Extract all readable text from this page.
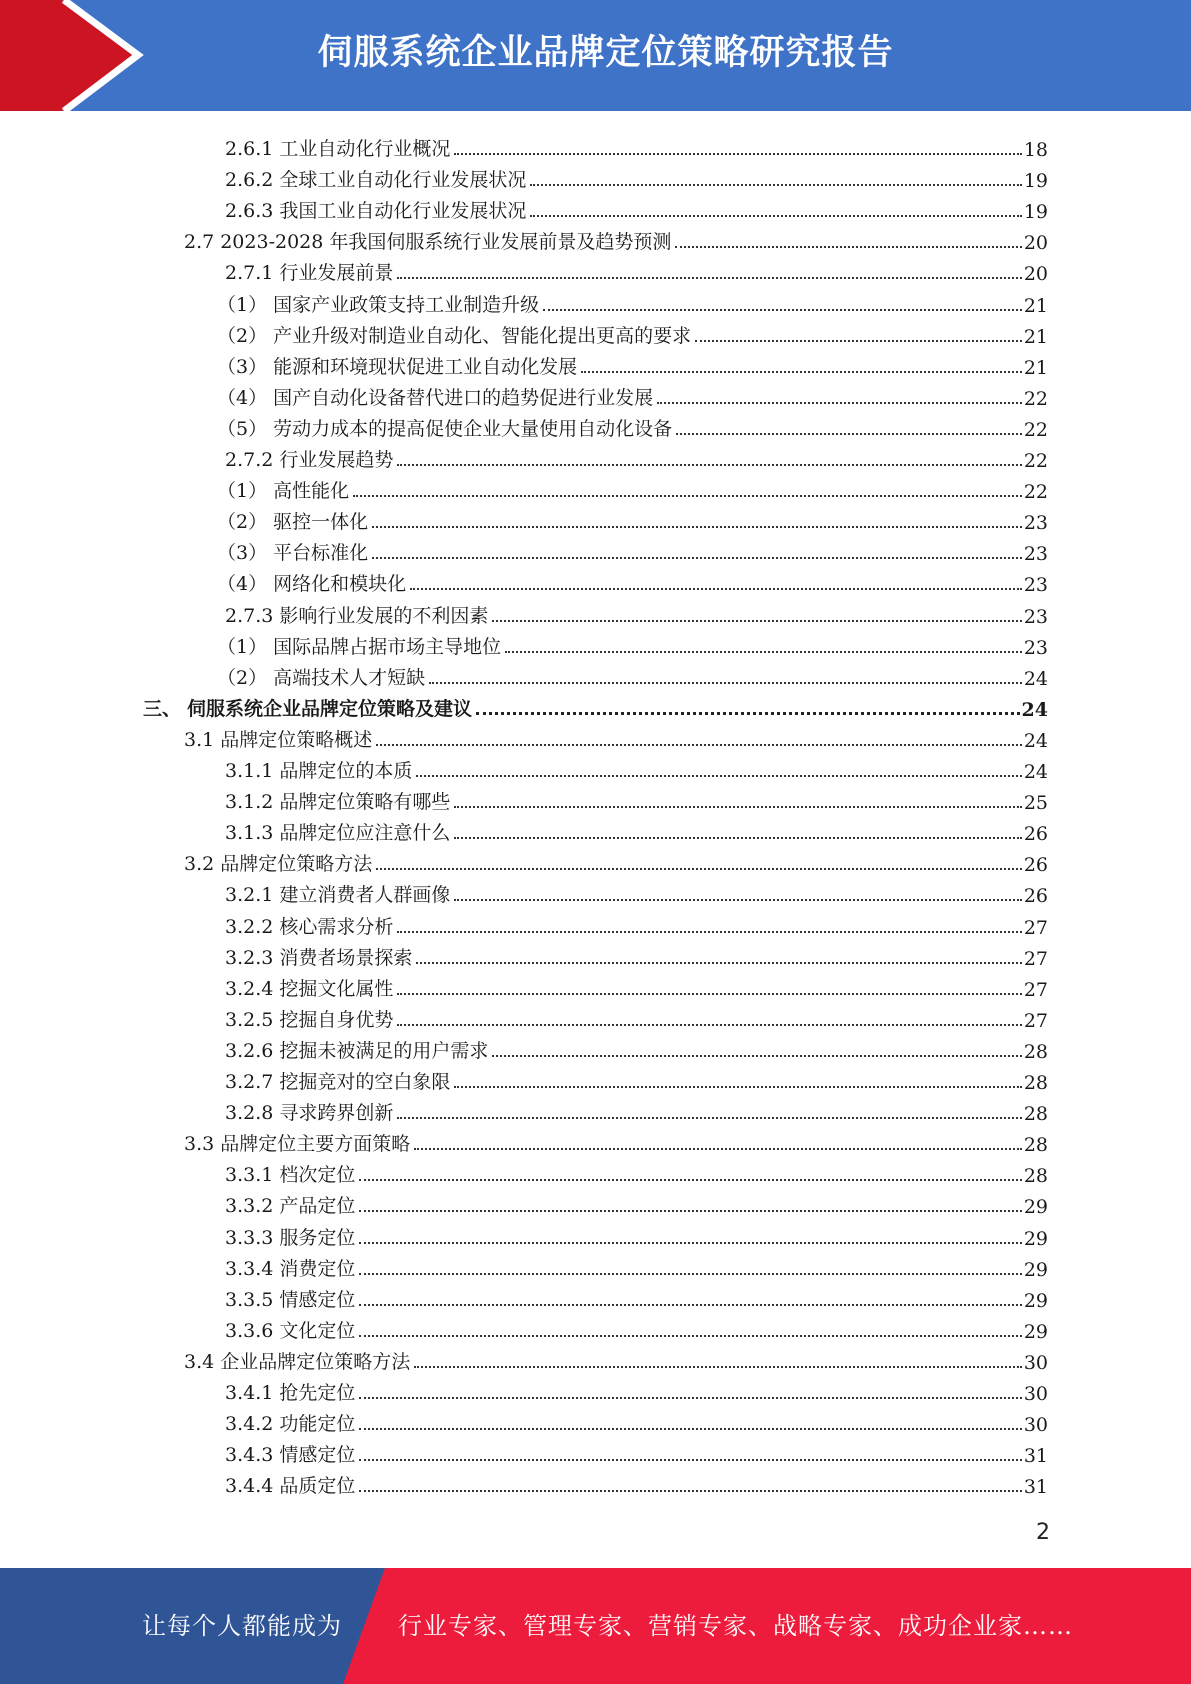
伺服系统企业品牌定位策略研究报告
2.6.1 工业自动化行业概况	18
2.6.2 全球工业自动化行业发展状况	19
2.6.3 我国工业自动化行业发展状况	19
2.7 2023-2028 年我国伺服系统行业发展前景及趋势预测	20
2.7.1 行业发展前景	20
（1） 国家产业政策支持工业制造升级	21
（2） 产业升级对制造业自动化、智能化提出更高的要求	21
（3） 能源和环境现状促进工业自动化发展	21
（4） 国产自动化设备替代进口的趋势促进行业发展	22
（5） 劳动力成本的提高促使企业大量使用自动化设备	22
2.7.2 行业发展趋势	22
（1） 高性能化	22
（2） 驱控一体化	23
（3） 平台标准化	23
（4） 网络化和模块化	23
2.7.3 影响行业发展的不利因素	23
（1） 国际品牌占据市场主导地位	23
（2） 高端技术人才短缺	24
三、 伺服系统企业品牌定位策略及建议	24
3.1 品牌定位策略概述	24
3.1.1 品牌定位的本质	24
3.1.2 品牌定位策略有哪些	25
3.1.3 品牌定位应注意什么	26
3.2 品牌定位策略方法	26
3.2.1 建立消费者人群画像	26
3.2.2 核心需求分析	27
3.2.3 消费者场景探索	27
3.2.4 挖掘文化属性	27
3.2.5 挖掘自身优势	27
3.2.6 挖掘未被满足的用户需求	28
3.2.7 挖掘竞对的空白象限	28
3.2.8 寻求跨界创新	28
3.3 品牌定位主要方面策略	28
3.3.1 档次定位	28
3.3.2 产品定位	29
3.3.3 服务定位	29
3.3.4 消费定位	29
3.3.5 情感定位	29
3.3.6 文化定位	29
3.4 企业品牌定位策略方法	30
3.4.1 抢先定位	30
3.4.2 功能定位	30
3.4.3 情感定位	31
3.4.4 品质定位	31
2
让每个人都能成为 行业专家、管理专家、营销专家、战略专家、成功企业家……
